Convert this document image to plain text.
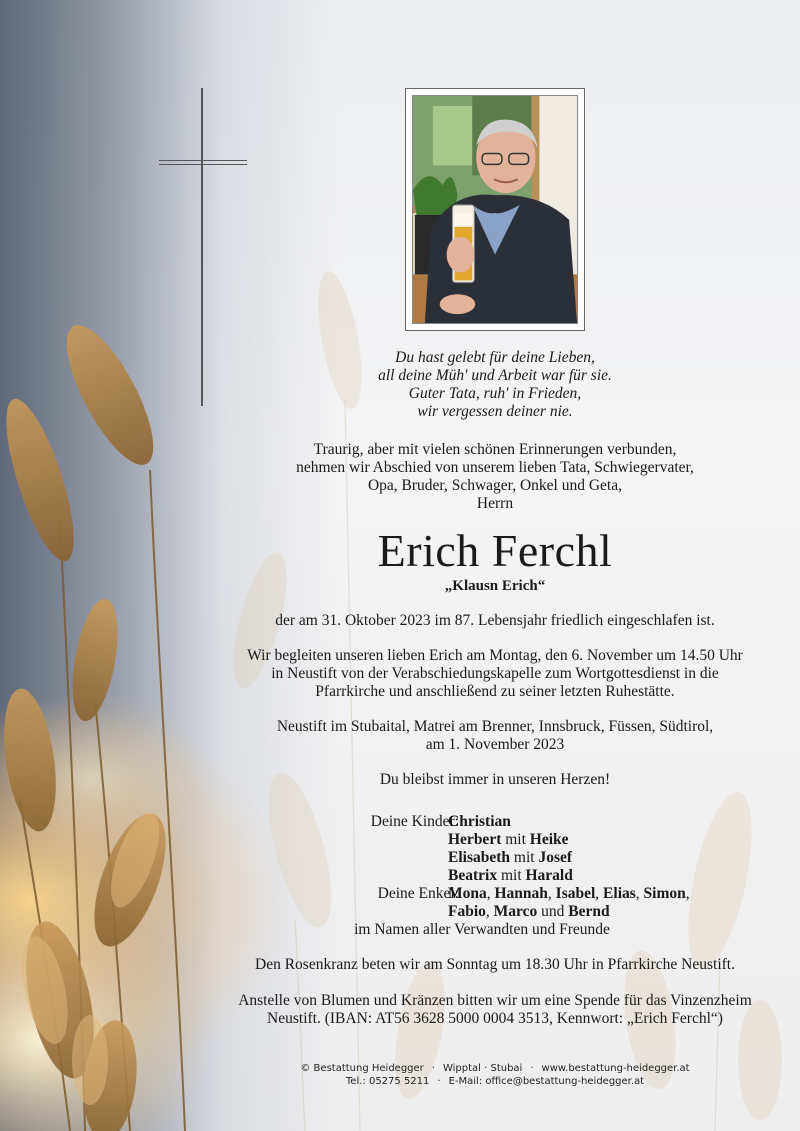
Du hast gelebt für deine Lieben,
all deine Müh' und Arbeit war für sie.
Guter Tata, ruh' in Frieden,
wir vergessen deiner nie.
Traurig, aber mit vielen schönen Erinnerungen verbunden,
nehmen wir Abschied von unserem lieben Tata, Schwiegervater,
Opa, Bruder, Schwager, Onkel und Geta,
Herrn
Erich Ferchl
„Klausn Erich“
der am 31. Oktober 2023 im 87. Lebensjahr friedlich eingeschlafen ist.
Wir begleiten unseren lieben Erich am Montag, den 6. November um 14.50 Uhr
in Neustift von der Verabschiedungskapelle zum Wortgottesdienst in die
Pfarrkirche und anschließend zu seiner letzten Ruhestätte.
Neustift im Stubaital, Matrei am Brenner, Innsbruck, Füssen, Südtirol,
am 1. November 2023
Du bleibst immer in unseren Herzen!
Deine Kinder:
Christian
Herbert mit Heike
Elisabeth mit Josef
Beatrix mit Harald
Deine Enkel:
Mona, Hannah, Isabel, Elias, Simon,
Fabio, Marco und Bernd
im Namen aller Verwandten und Freunde
Den Rosenkranz beten wir am Sonntag um 18.30 Uhr in Pfarrkirche Neustift.
Anstelle von Blumen und Kränzen bitten wir um eine Spende für das Vinzenzheim
Neustift. (IBAN: AT56 3628 5000 0004 3513, Kennwort: „Erich Ferchl“)
© Bestattung Heidegger · Wipptal · Stubai · www.bestattung-heidegger.at
Tel.: 05275 5211 · E-Mail: office@bestattung-heidegger.at
